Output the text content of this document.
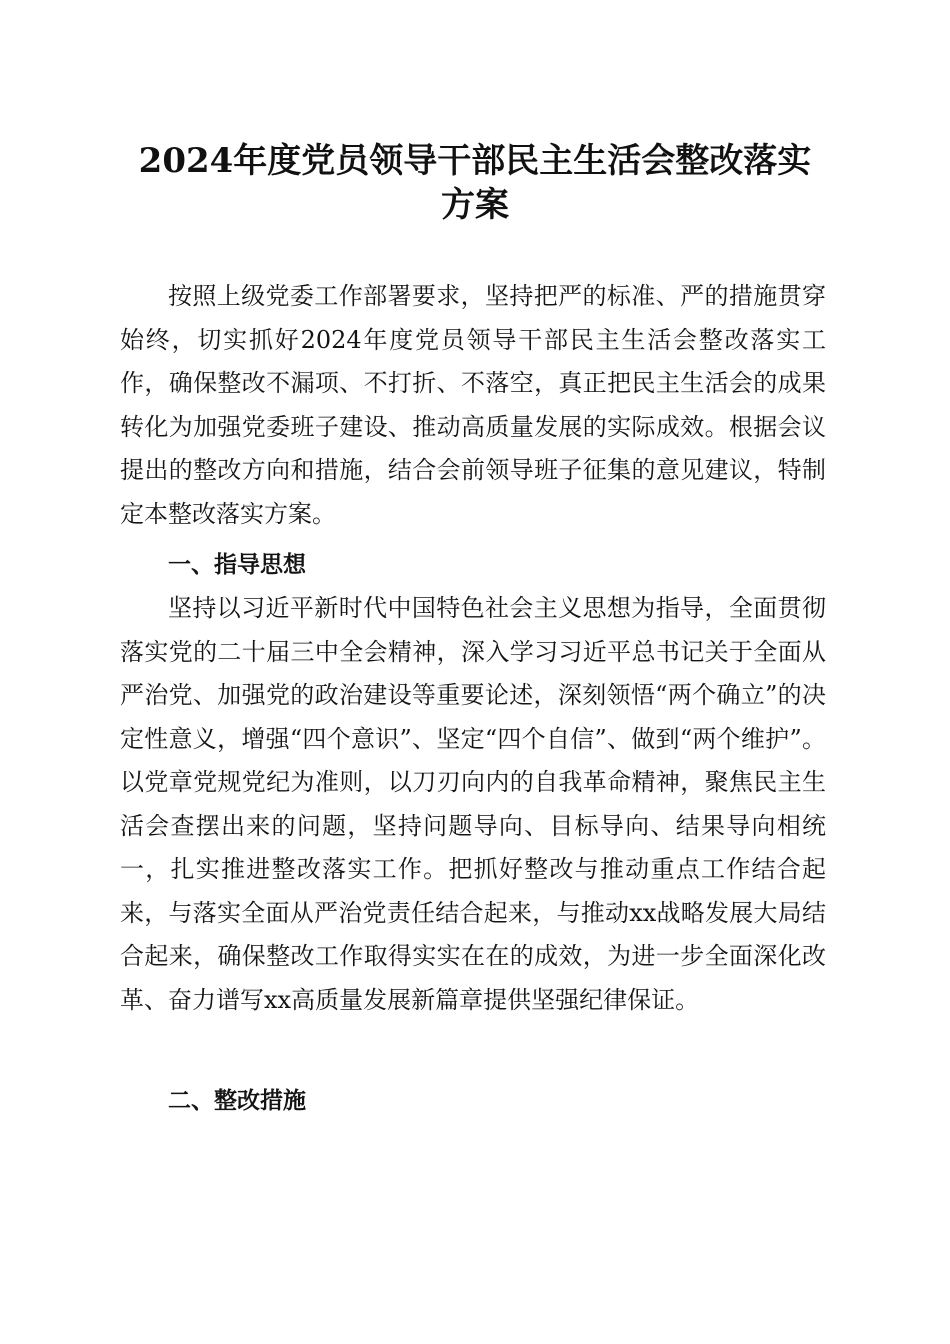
2024年度党员领导干部民主生活会整改落实
方案

按照上级党委工作部署要求，坚持把严的标准、严的措施贯穿始终，切实抓好2024年度党员领导干部民主生活会整改落实工作，确保整改不漏项、不打折、不落空，真正把民主生活会的成果转化为加强党委班子建设、推动高质量发展的实际成效。根据会议提出的整改方向和措施，结合会前领导班子征集的意见建议，特制定本整改落实方案。

一、指导思想

坚持以习近平新时代中国特色社会主义思想为指导，全面贯彻落实党的二十届三中全会精神，深入学习习近平总书记关于全面从严治党、加强党的政治建设等重要论述，深刻领悟“两个确立”的决定性意义，增强“四个意识”、坚定“四个自信”、做到“两个维护”。以党章党规党纪为准则，以刀刃向内的自我革命精神，聚焦民主生活会查摆出来的问题，坚持问题导向、目标导向、结果导向相统一，扎实推进整改落实工作。把抓好整改与推动重点工作结合起来，与落实全面从严治党责任结合起来，与推动xx战略发展大局结合起来，确保整改工作取得实实在在的成效，为进一步全面深化改革、奋力谱写xx高质量发展新篇章提供坚强纪律保证。

二、整改措施
